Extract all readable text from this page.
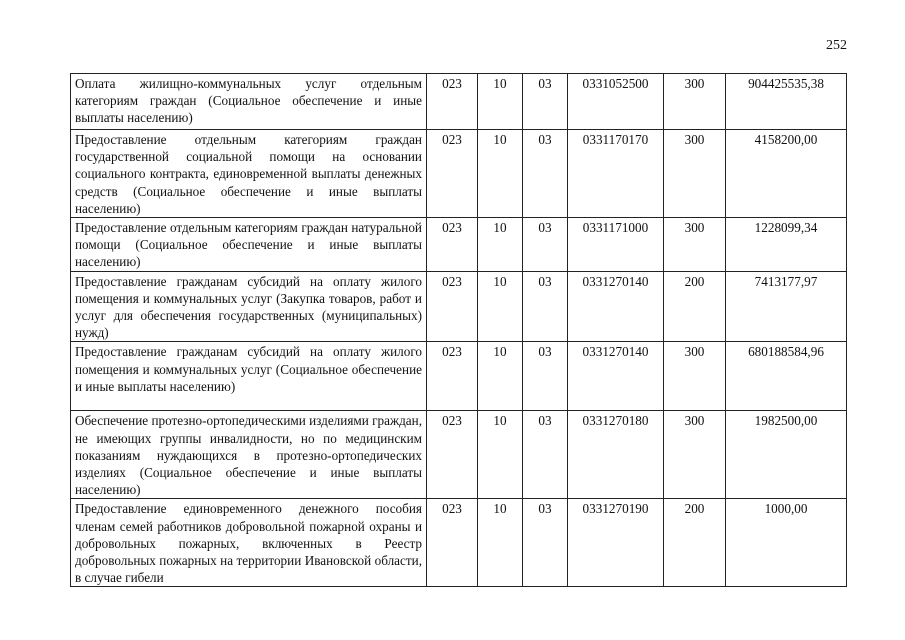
252
Оплата жилищно-коммунальных услуг отдельным категориям граждан (Социальное обеспечение и иные выплаты населению)	023	10	03	0331052500	300	904425535,38
Предоставление отдельным категориям граждан государственной социальной помощи на основании социального контракта, единовременной выплаты денежных средств (Социальное обеспечение и иные выплаты населению)	023	10	03	0331170170	300	4158200,00
Предоставление отдельным категориям граждан натуральной помощи (Социальное обеспечение и иные выплаты населению)	023	10	03	0331171000	300	1228099,34
Предоставление гражданам субсидий на оплату жилого помещения и коммунальных услуг (Закупка товаров, работ и услуг для обеспечения государственных (муниципальных) нужд)	023	10	03	0331270140	200	7413177,97
Предоставление гражданам субсидий на оплату жилого помещения и коммунальных услуг (Социальное обеспечение и иные выплаты населению)	023	10	03	0331270140	300	680188584,96
Обеспечение протезно-ортопедическими изделиями граждан, не имеющих группы инвалидности, но по медицинским показаниям нуждающихся в протезно-ортопедических изделиях (Социальное обеспечение и иные выплаты населению)	023	10	03	0331270180	300	1982500,00
Предоставление единовременного денежного пособия членам семей работников добровольной пожарной охраны и добровольных пожарных, включенных в Реестр добровольных пожарных на территории Ивановской области, в случае гибели	023	10	03	0331270190	200	1000,00
